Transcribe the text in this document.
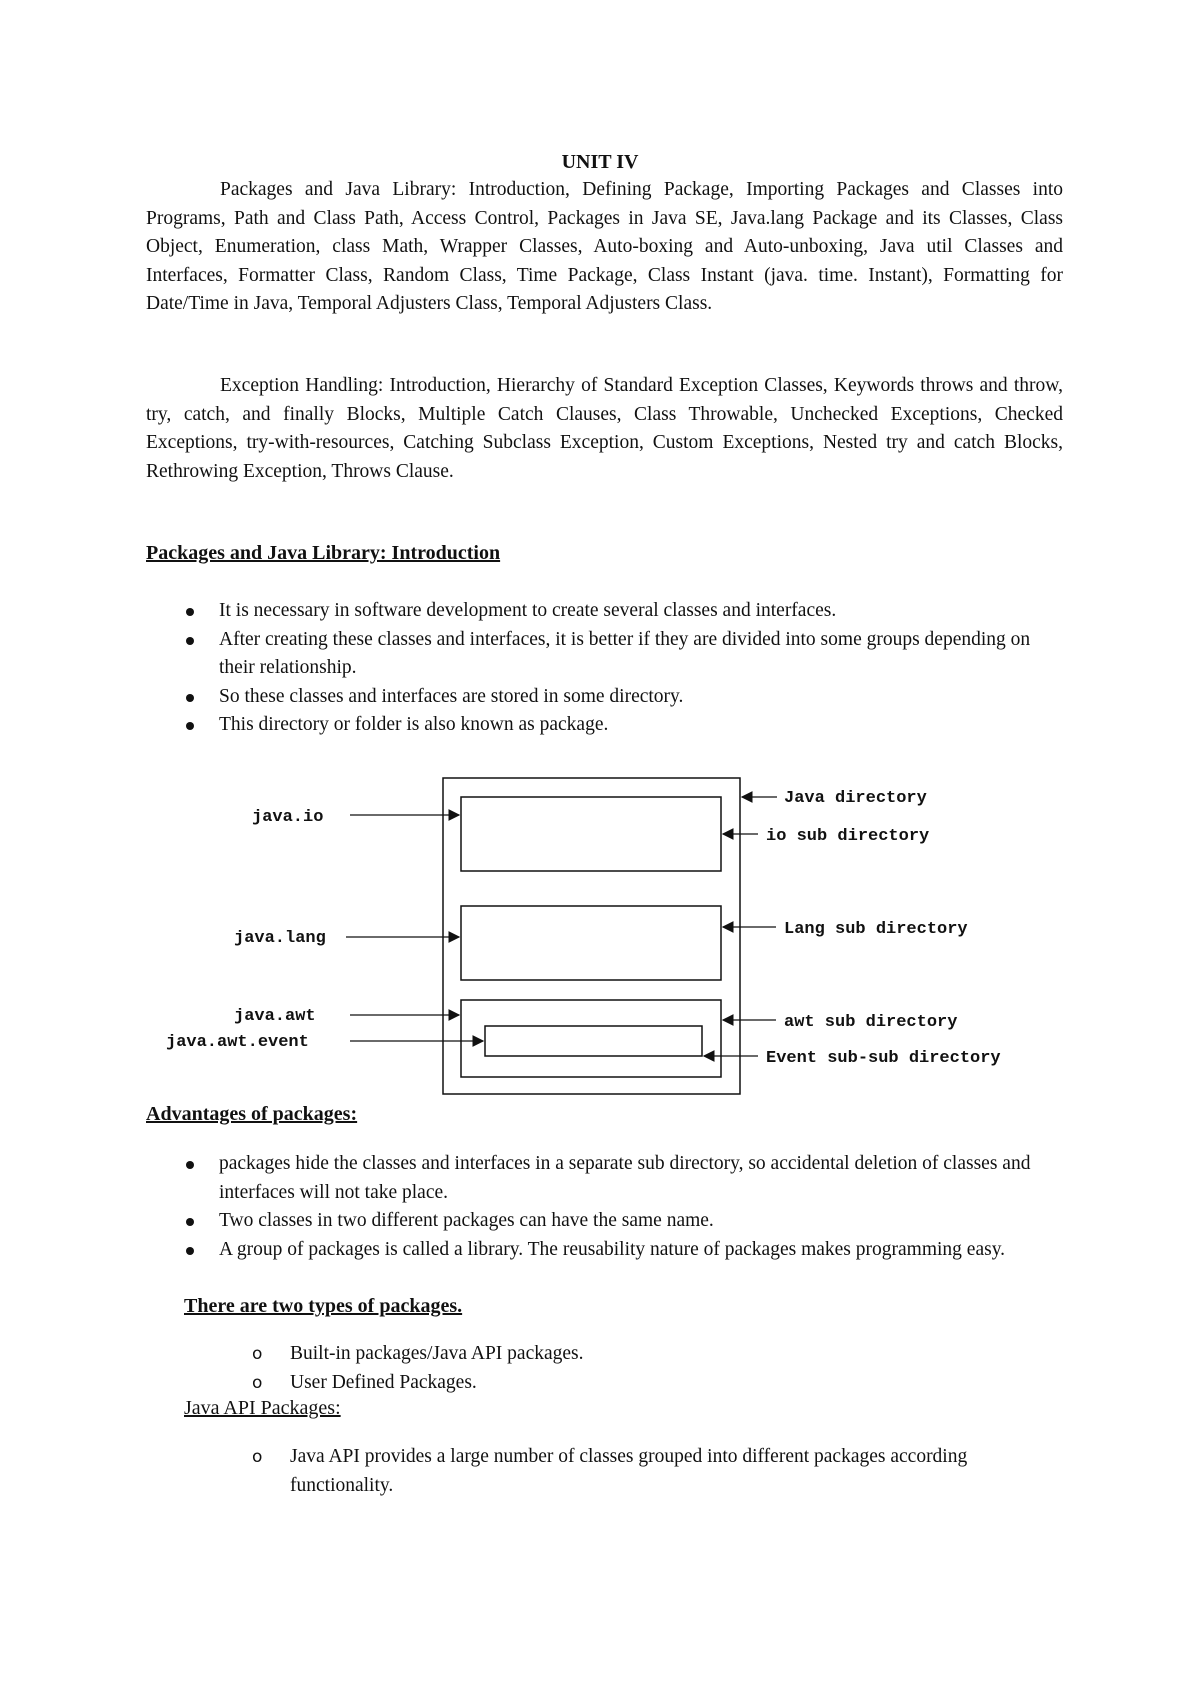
UNIT IV

Packages and Java Library: Introduction, Defining Package, Importing Packages and Classes into Programs, Path and Class Path, Access Control, Packages in Java SE, Java.lang Package and its Classes, Class Object, Enumeration, class Math, Wrapper Classes, Auto-boxing and Auto-unboxing, Java util Classes and Interfaces, Formatter Class, Random Class, Time Package, Class Instant (java. time. Instant), Formatting for Date/Time in Java, Temporal Adjusters Class, Temporal Adjusters Class.

Exception Handling: Introduction, Hierarchy of Standard Exception Classes, Keywords throws and throw, try, catch, and finally Blocks, Multiple Catch Clauses, Class Throwable, Unchecked Exceptions, Checked Exceptions, try-with-resources, Catching Subclass Exception, Custom Exceptions, Nested try and catch Blocks, Rethrowing Exception, Throws Clause.

Packages and Java Library: Introduction

It is necessary in software development to create several classes and interfaces.
After creating these classes and interfaces, it is better if they are divided into some groups depending on their relationship.
So these classes and interfaces are stored in some directory.
This directory or folder is also known as package.
java.io
java.lang
java.awt
java.awt.event
Java directory
io sub directory
Lang sub directory
awt sub directory
Event sub-sub directory

Advantages of packages:

packages hide the classes and interfaces in a separate sub directory, so accidental deletion of classes and interfaces will not take place.
Two classes in two different packages can have the same name.
A group of packages is called a library. The reusability nature of packages makes programming easy.

There are two types of packages.

o Built-in packages/Java API packages.
o User Defined Packages.

Java API Packages:

o Java API provides a large number of classes grouped into different packages according functionality.
